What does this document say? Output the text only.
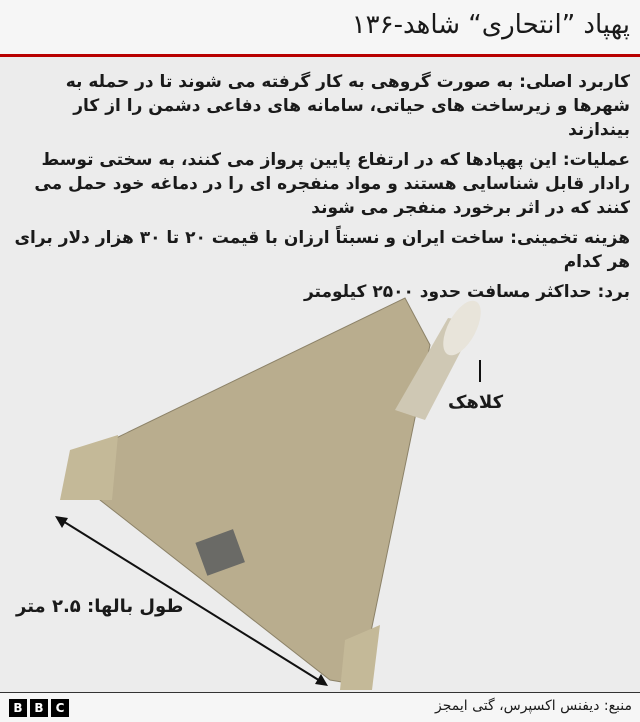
پهپاد ”انتحاری“ شاهد-۱۳۶
کاربرد اصلی: به صورت گروهی به کار گرفته می شوند تا در حمله به شهرها و زیرساخت های حیاتی، سامانه های دفاعی دشمن را از کار بیندازند
عملیات: این پهپادها که در ارتفاع پایین پرواز می کنند، به سختی توسط رادار قابل شناسایی هستند و مواد منفجره ای را در دماغه خود حمل می کنند که در اثر برخورد منفجر می شوند
هزینه تخمینی: ساخت ایران و نسبتاً ارزان با قیمت ۲۰ تا ۳۰ هزار دلار برای هر کدام
برد: حداکثر مسافت حدود ۲۵۰۰ کیلومتر
کلاهک
طول بالها: ۲.۵ متر
B B	C	منبع: دیفنس اکسپرس، گتی ایمجز
